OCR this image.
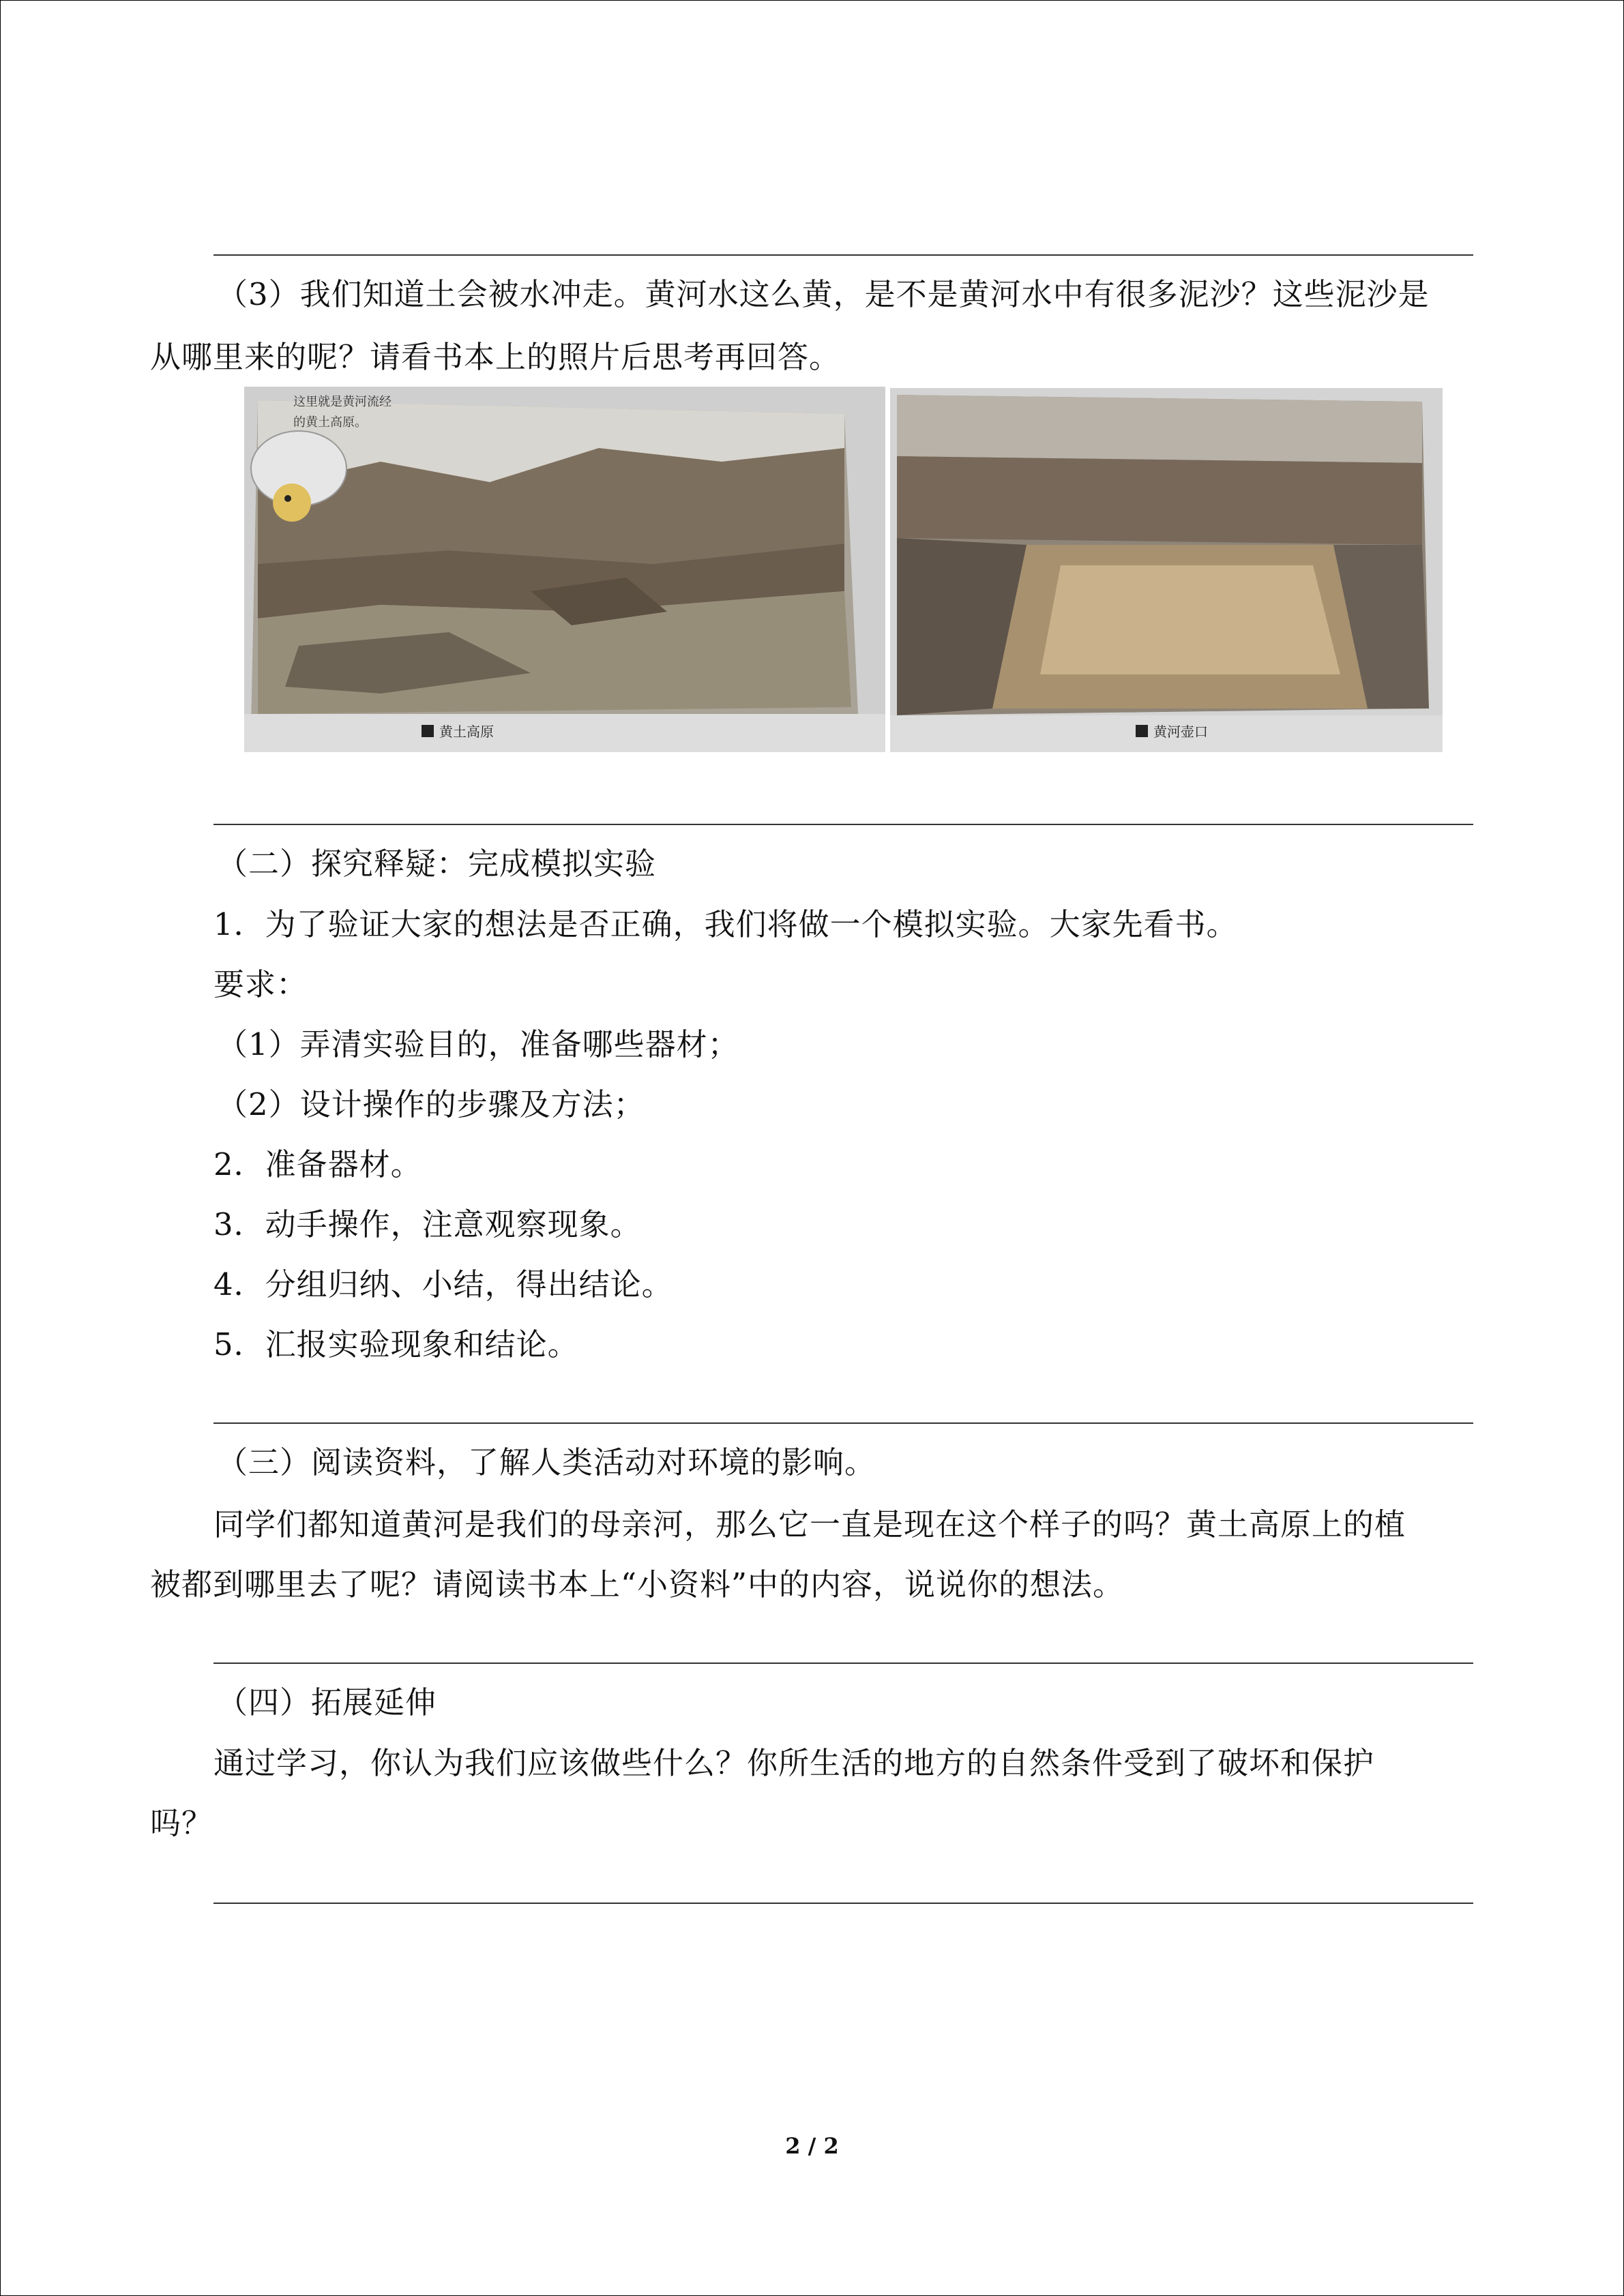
（3）我们知道土会被水冲走。黄河水这么黄，是不是黄河水中有很多泥沙？这些泥沙是
从哪里来的呢？请看书本上的照片后思考再回答。
这里就是黄河流经
的黄土高原。
黄土高原	黄河壶口
（二）探究释疑：完成模拟实验
1．为了验证大家的想法是否正确，我们将做一个模拟实验。大家先看书。
要求：
（1）弄清实验目的，准备哪些器材；
（2）设计操作的步骤及方法；
2．准备器材。
3．动手操作，注意观察现象。
4．分组归纳、小结，得出结论。
5．汇报实验现象和结论。
（三）阅读资料，了解人类活动对环境的影响。
同学们都知道黄河是我们的母亲河，那么它一直是现在这个样子的吗？黄土高原上的植
被都到哪里去了呢？请阅读书本上“小资料”中的内容，说说你的想法。
（四）拓展延伸
通过学习，你认为我们应该做些什么？你所生活的地方的自然条件受到了破坏和保护
吗？
2 / 2
